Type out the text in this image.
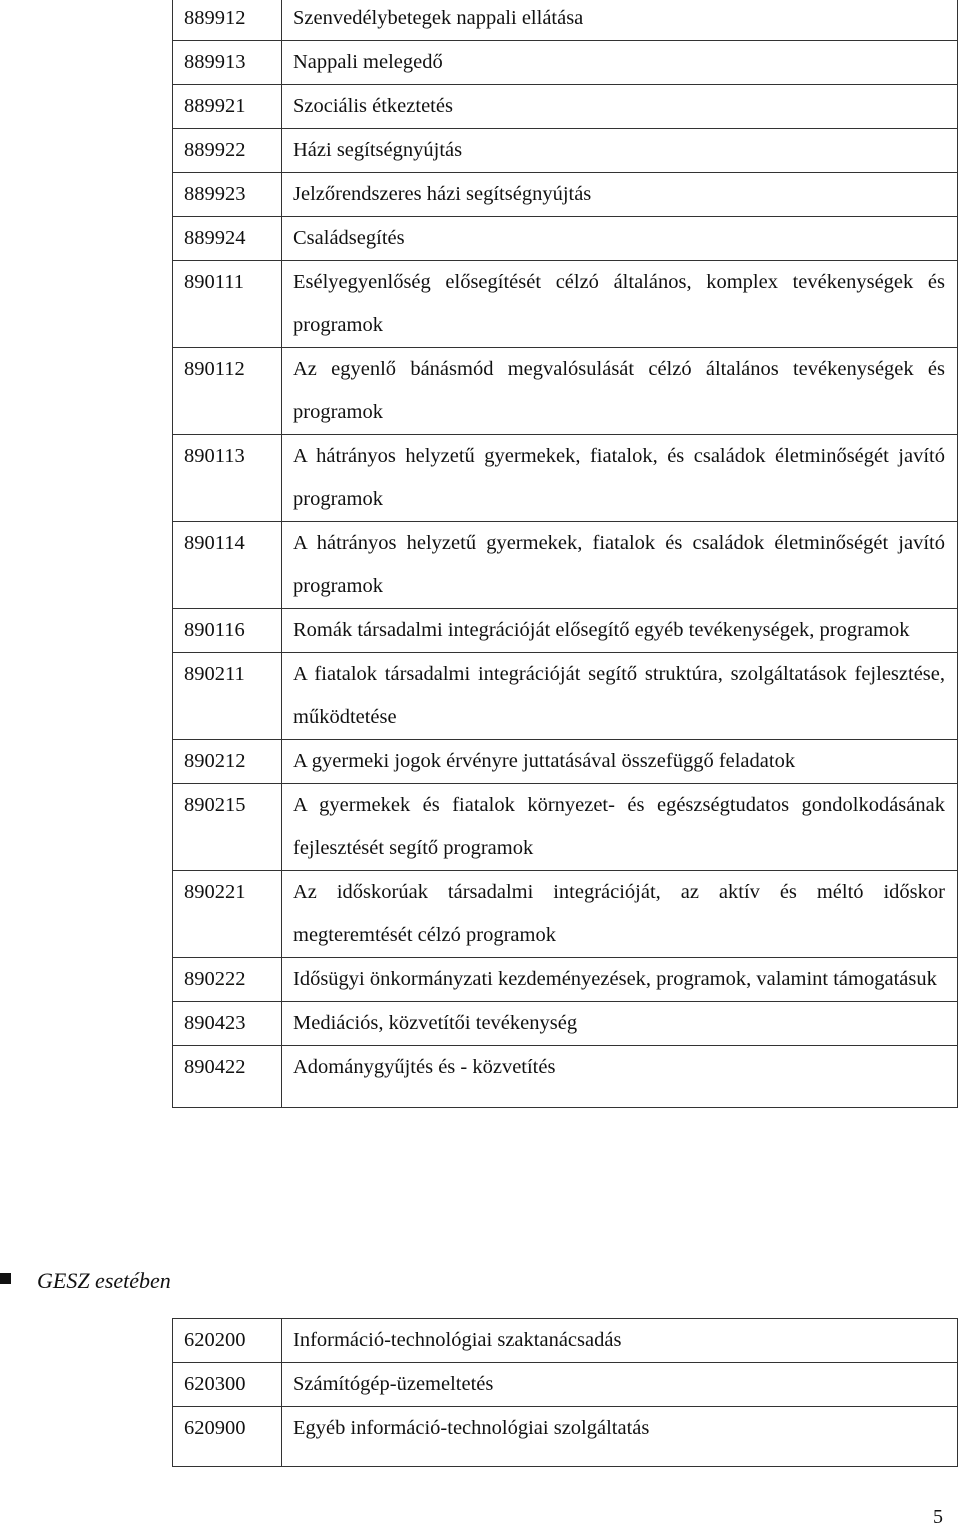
889912	Szenvedélybetegek nappali ellátása
889913	Nappali melegedő
889921	Szociális étkeztetés
889922	Házi segítségnyújtás
889923	Jelzőrendszeres házi segítségnyújtás
889924	Családsegítés
890111	Esélyegyenlőség elősegítését célzó általános, komplex tevékenységek és programok
890112	Az egyenlő bánásmód megvalósulását célzó általános tevékenységek és programok
890113	A hátrányos helyzetű gyermekek, fiatalok, és családok életminőségét javító programok
890114	A hátrányos helyzetű gyermekek, fiatalok és családok életminőségét javító programok
890116	Romák társadalmi integrációját elősegítő egyéb tevékenységek, programok
890211	A fiatalok társadalmi integrációját segítő struktúra, szolgáltatások fejlesztése, működtetése
890212	A gyermeki jogok érvényre juttatásával összefüggő feladatok
890215	A gyermekek és fiatalok környezet- és egészségtudatos gondolkodásának fejlesztését segítő programok
890221	Az időskorúak társadalmi integrációját, az aktív és méltó időskor megteremtését célzó programok
890222	Idősügyi önkormányzati kezdeményezések, programok, valamint támogatásuk
890423	Mediációs, közvetítői tevékenység
890422	Adománygyűjtés és - közvetítés
GESZ esetében
620200	Információ-technológiai szaktanácsadás
620300	Számítógép-üzemeltetés
620900	Egyéb információ-technológiai szolgáltatás
5
